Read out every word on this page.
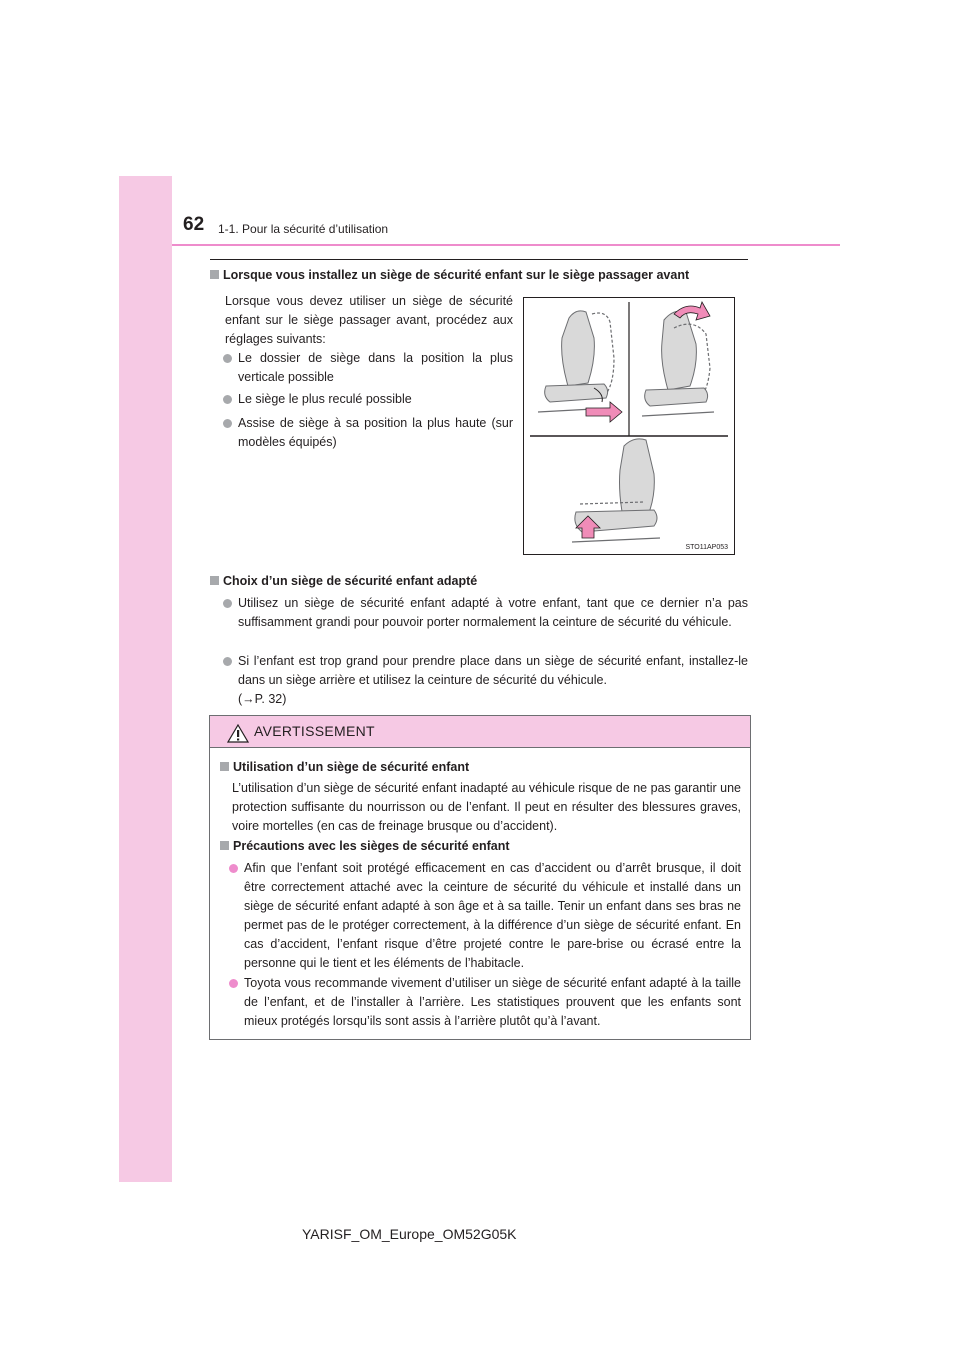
62 1-1. Pour la sécurité d’utilisation
Lorsque vous installez un siège de sécurité enfant sur le siège passager avant
Lorsque vous devez utiliser un siège de sécurité enfant sur le siège passager avant, procédez aux réglages suivants:
Le dossier de siège dans la position la plus verticale possible
Le siège le plus reculé possible
Assise de siège à sa position la plus haute (sur modèles équipés)
STO11AP053
Choix d’un siège de sécurité enfant adapté
Utilisez un siège de sécurité enfant adapté à votre enfant, tant que ce dernier n’a pas suffisamment grandi pour pouvoir porter normalement la ceinture de sécurité du véhicule.
Si l’enfant est trop grand pour prendre place dans un siège de sécurité enfant, installez-le dans un siège arrière et utilisez la ceinture de sécurité du véhicule.
(→P. 32)
AVERTISSEMENT
Utilisation d’un siège de sécurité enfant
L’utilisation d’un siège de sécurité enfant inadapté au véhicule risque de ne pas garantir une protection suffisante du nourrisson ou de l’enfant. Il peut en résulter des blessures graves, voire mortelles (en cas de freinage brusque ou d’accident).
Précautions avec les sièges de sécurité enfant
Afin que l’enfant soit protégé efficacement en cas d’accident ou d’arrêt brusque, il doit être correctement attaché avec la ceinture de sécurité du véhicule et installé dans un siège de sécurité enfant adapté à son âge et à sa taille. Tenir un enfant dans ses bras ne permet pas de le protéger correctement, à la différence d’un siège de sécurité enfant. En cas d’accident, l’enfant risque d’être projeté contre le pare-brise ou écrasé entre la personne qui le tient et les éléments de l’habitacle.
Toyota vous recommande vivement d’utiliser un siège de sécurité enfant adapté à la taille de l’enfant, et de l’installer à l’arrière. Les statistiques prouvent que les enfants sont mieux protégés lorsqu’ils sont assis à l’arrière plutôt qu’à l’avant.
YARISF_OM_Europe_OM52G05K
